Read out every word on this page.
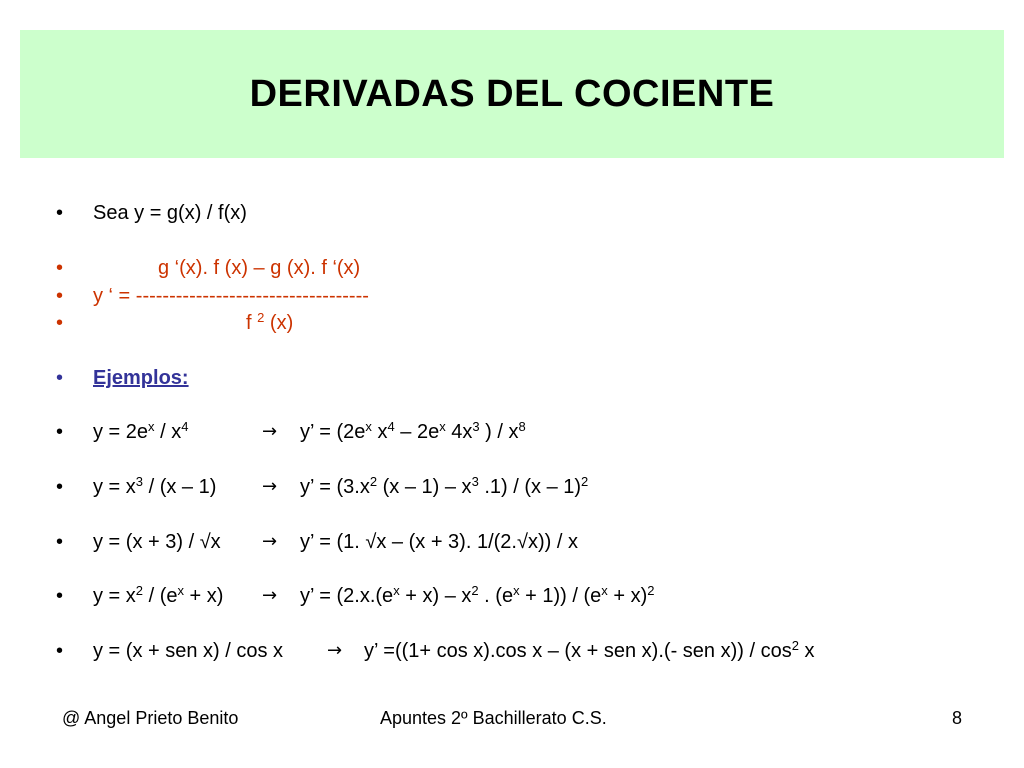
DERIVADAS DEL COCIENTE
• Sea y = g(x) / f(x)
•	g ‘(x). f (x) – g (x). f ‘(x)
• y ‘ = -----------------------------------
•	f $^2$ (x)
• Ejemplos:
• $y = 2e^x / x^4$	→ y’ = ($2e^x$ $x^4 - 2e^x$ $4x^3$ ) / $x^8$
• $y = x^3 / (x - 1)$	→ y’ = ($3.x^2$ $(x - 1) - x^3$ .1) / (x – 1)$^2$
• y = (x + 3) / √x → y’ = (1. √x – (x + 3). 1/(2.√x)) / x
• $y = x^2 / (e^x + x) \to y$’ = ($2.x.(e^x + x) - x^2$ . $(e^x + 1)) / (e^x + x)^2$
• y = (x + sen x) / cos x → y’ =((1+ cos x).cos x – (x + sen x).(- sen $x)) / \cos^2 x$
@ Angel Prieto Benito	Apuntes 2º Bachillerato C.S.	8
